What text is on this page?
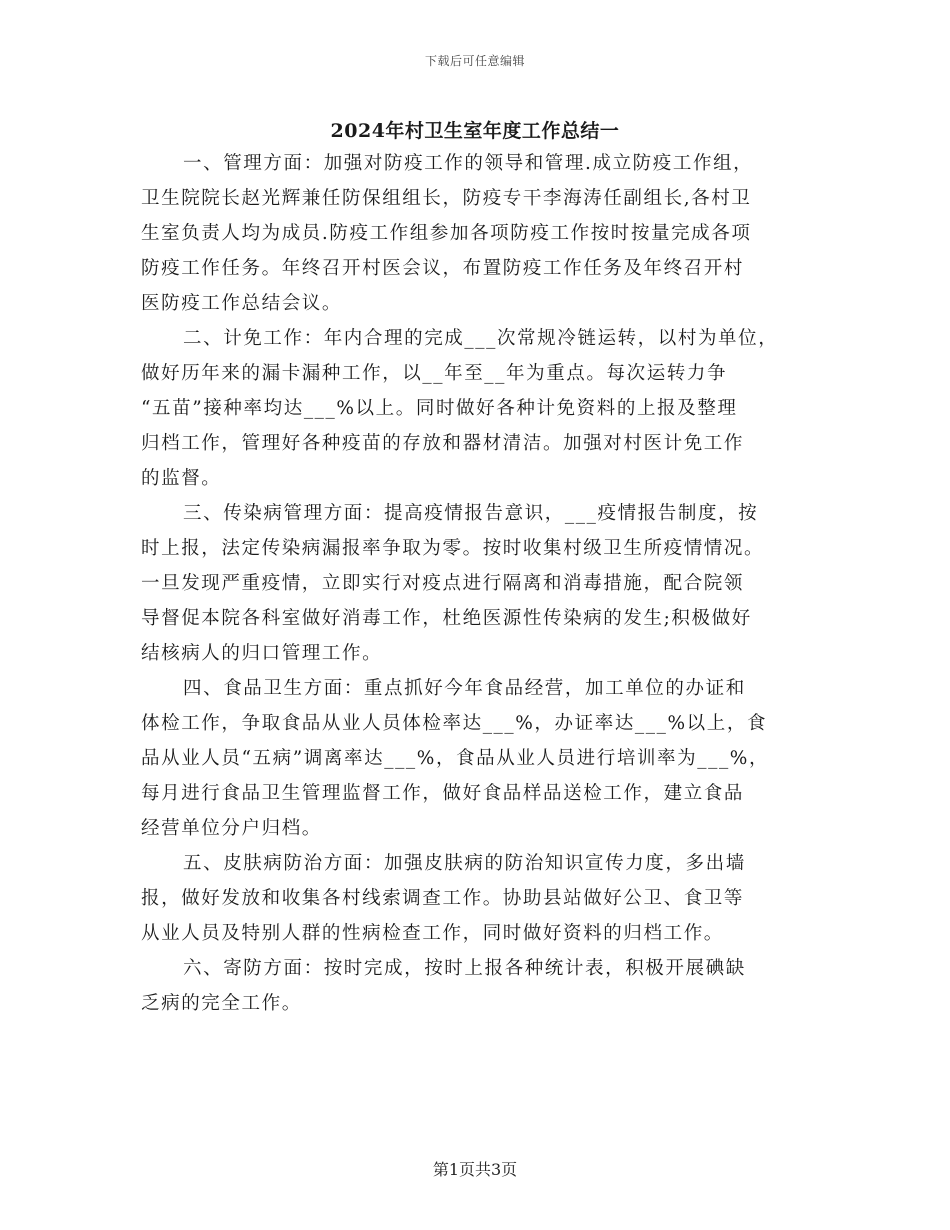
下载后可任意编辑
2024年村卫生室年度工作总结一
一、管理方面：加强对防疫工作的领导和管理.成立防疫工作组，
卫生院院长赵光辉兼任防保组组长，防疫专干李海涛任副组长,各村卫
生室负责人均为成员.防疫工作组参加各项防疫工作按时按量完成各项
防疫工作任务。年终召开村医会议，布置防疫工作任务及年终召开村
医防疫工作总结会议。
二、计免工作：年内合理的完成___次常规冷链运转，以村为单位，
做好历年来的漏卡漏种工作，以__年至__年为重点。每次运转力争
“五苗”接种率均达___%以上。同时做好各种计免资料的上报及整理
归档工作，管理好各种疫苗的存放和器材清洁。加强对村医计免工作
的监督。
三、传染病管理方面：提高疫情报告意识，___疫情报告制度，按
时上报，法定传染病漏报率争取为零。按时收集村级卫生所疫情情况。
一旦发现严重疫情，立即实行对疫点进行隔离和消毒措施，配合院领
导督促本院各科室做好消毒工作，杜绝医源性传染病的发生;积极做好
结核病人的归口管理工作。
四、食品卫生方面：重点抓好今年食品经营，加工单位的办证和
体检工作，争取食品从业人员体检率达___%，办证率达___%以上，食
品从业人员“五病”调离率达___%，食品从业人员进行培训率为___%，
每月进行食品卫生管理监督工作，做好食品样品送检工作，建立食品
经营单位分户归档。
五、皮肤病防治方面：加强皮肤病的防治知识宣传力度，多出墙
报，做好发放和收集各村线索调查工作。协助县站做好公卫、食卫等
从业人员及特别人群的性病检查工作，同时做好资料的归档工作。
六、寄防方面：按时完成，按时上报各种统计表，积极开展碘缺
乏病的完全工作。
第1页共3页
